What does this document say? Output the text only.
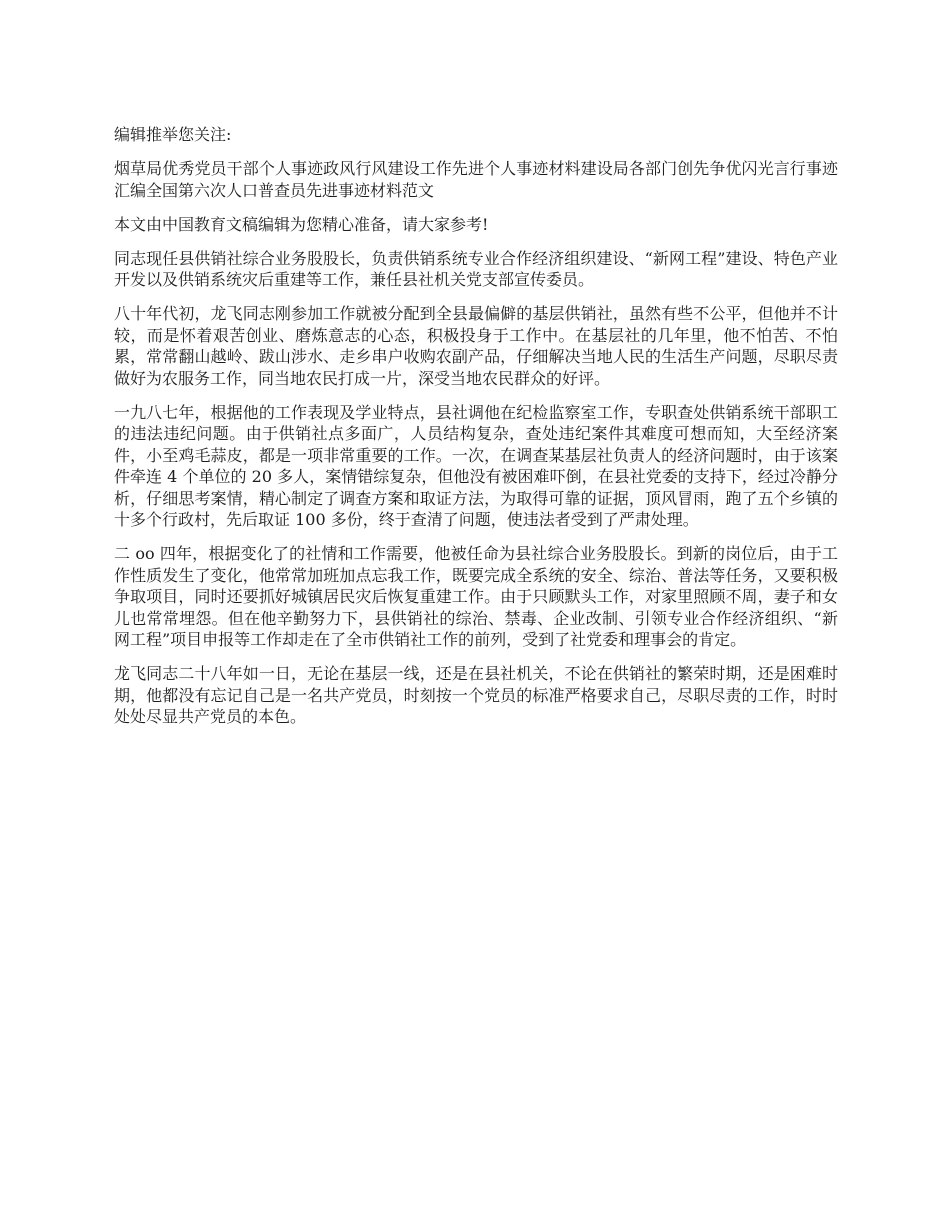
编辑推举您关注:

烟草局优秀党员干部个人事迹政风行风建设工作先进个人事迹材料建设局各部门创先争优闪光言行事迹汇编全国第六次人口普查员先进事迹材料范文

本文由中国教育文稿编辑为您精心准备，请大家参考!

同志现任县供销社综合业务股股长，负责供销系统专业合作经济组织建设、“新网工程”建设、特色产业开发以及供销系统灾后重建等工作，兼任县社机关党支部宣传委员。

八十年代初，龙飞同志刚参加工作就被分配到全县最偏僻的基层供销社，虽然有些不公平，但他并不计较，而是怀着艰苦创业、磨炼意志的心态，积极投身于工作中。在基层社的几年里，他不怕苦、不怕累，常常翻山越岭、跋山涉水、走乡串户收购农副产品，仔细解决当地人民的生活生产问题，尽职尽责做好为农服务工作，同当地农民打成一片，深受当地农民群众的好评。

一九八七年，根据他的工作表现及学业特点，县社调他在纪检监察室工作，专职查处供销系统干部职工的违法违纪问题。由于供销社点多面广，人员结构复杂，查处违纪案件其难度可想而知，大至经济案件，小至鸡毛蒜皮，都是一项非常重要的工作。一次，在调查某基层社负责人的经济问题时，由于该案件牵连 4 个单位的 20 多人，案情错综复杂，但他没有被困难吓倒，在县社党委的支持下，经过冷静分析，仔细思考案情，精心制定了调查方案和取证方法，为取得可靠的证据，顶风冒雨，跑了五个乡镇的十多个行政村，先后取证 100 多份，终于查清了问题，使违法者受到了严肃处理。

二 oo 四年，根据变化了的社情和工作需要，他被任命为县社综合业务股股长。到新的岗位后，由于工作性质发生了变化，他常常加班加点忘我工作，既要完成全系统的安全、综治、普法等任务，又要积极争取项目，同时还要抓好城镇居民灾后恢复重建工作。由于只顾默头工作，对家里照顾不周，妻子和女儿也常常埋怨。但在他辛勤努力下，县供销社的综治、禁毒、企业改制、引领专业合作经济组织、“新网工程”项目申报等工作却走在了全市供销社工作的前列，受到了社党委和理事会的肯定。

龙飞同志二十八年如一日，无论在基层一线，还是在县社机关，不论在供销社的繁荣时期，还是困难时期，他都没有忘记自己是一名共产党员，时刻按一个党员的标准严格要求自己，尽职尽责的工作，时时处处尽显共产党员的本色。
